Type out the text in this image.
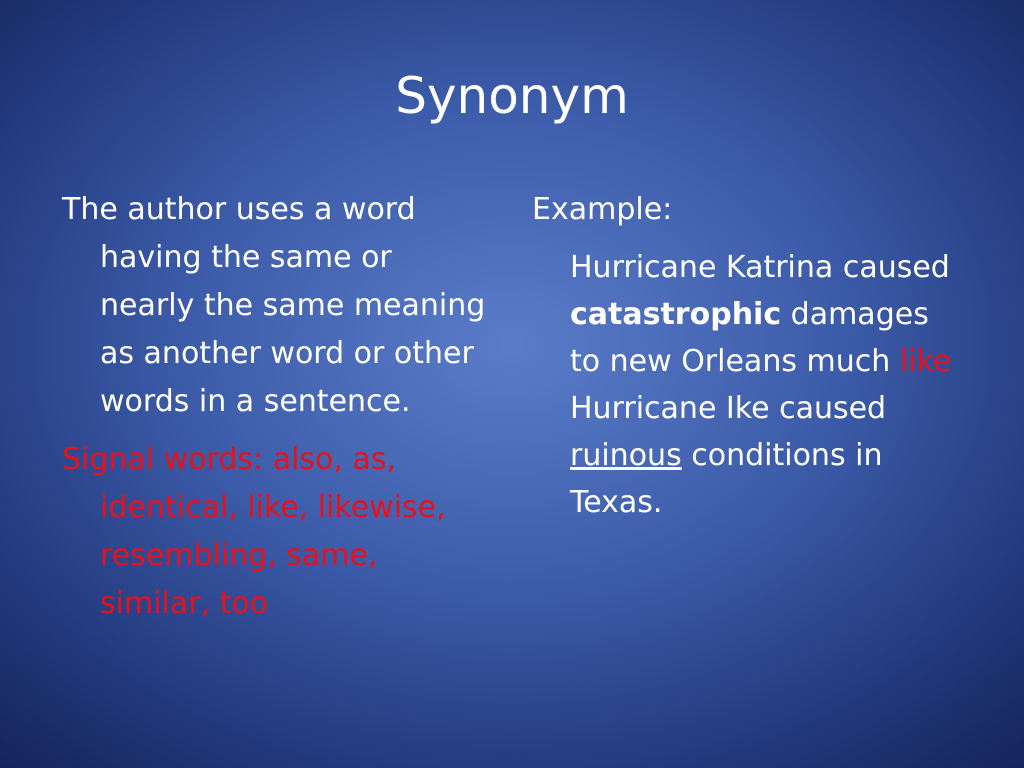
Synonym

The author uses a word having the same or nearly the same meaning as another word or other words in a sentence.

Signal words: also, as, identical, like, likewise, resembling, same, similar, too

Example:

Hurricane Katrina caused catastrophic damages to new Orleans much like Hurricane Ike caused ruinous conditions in Texas.
